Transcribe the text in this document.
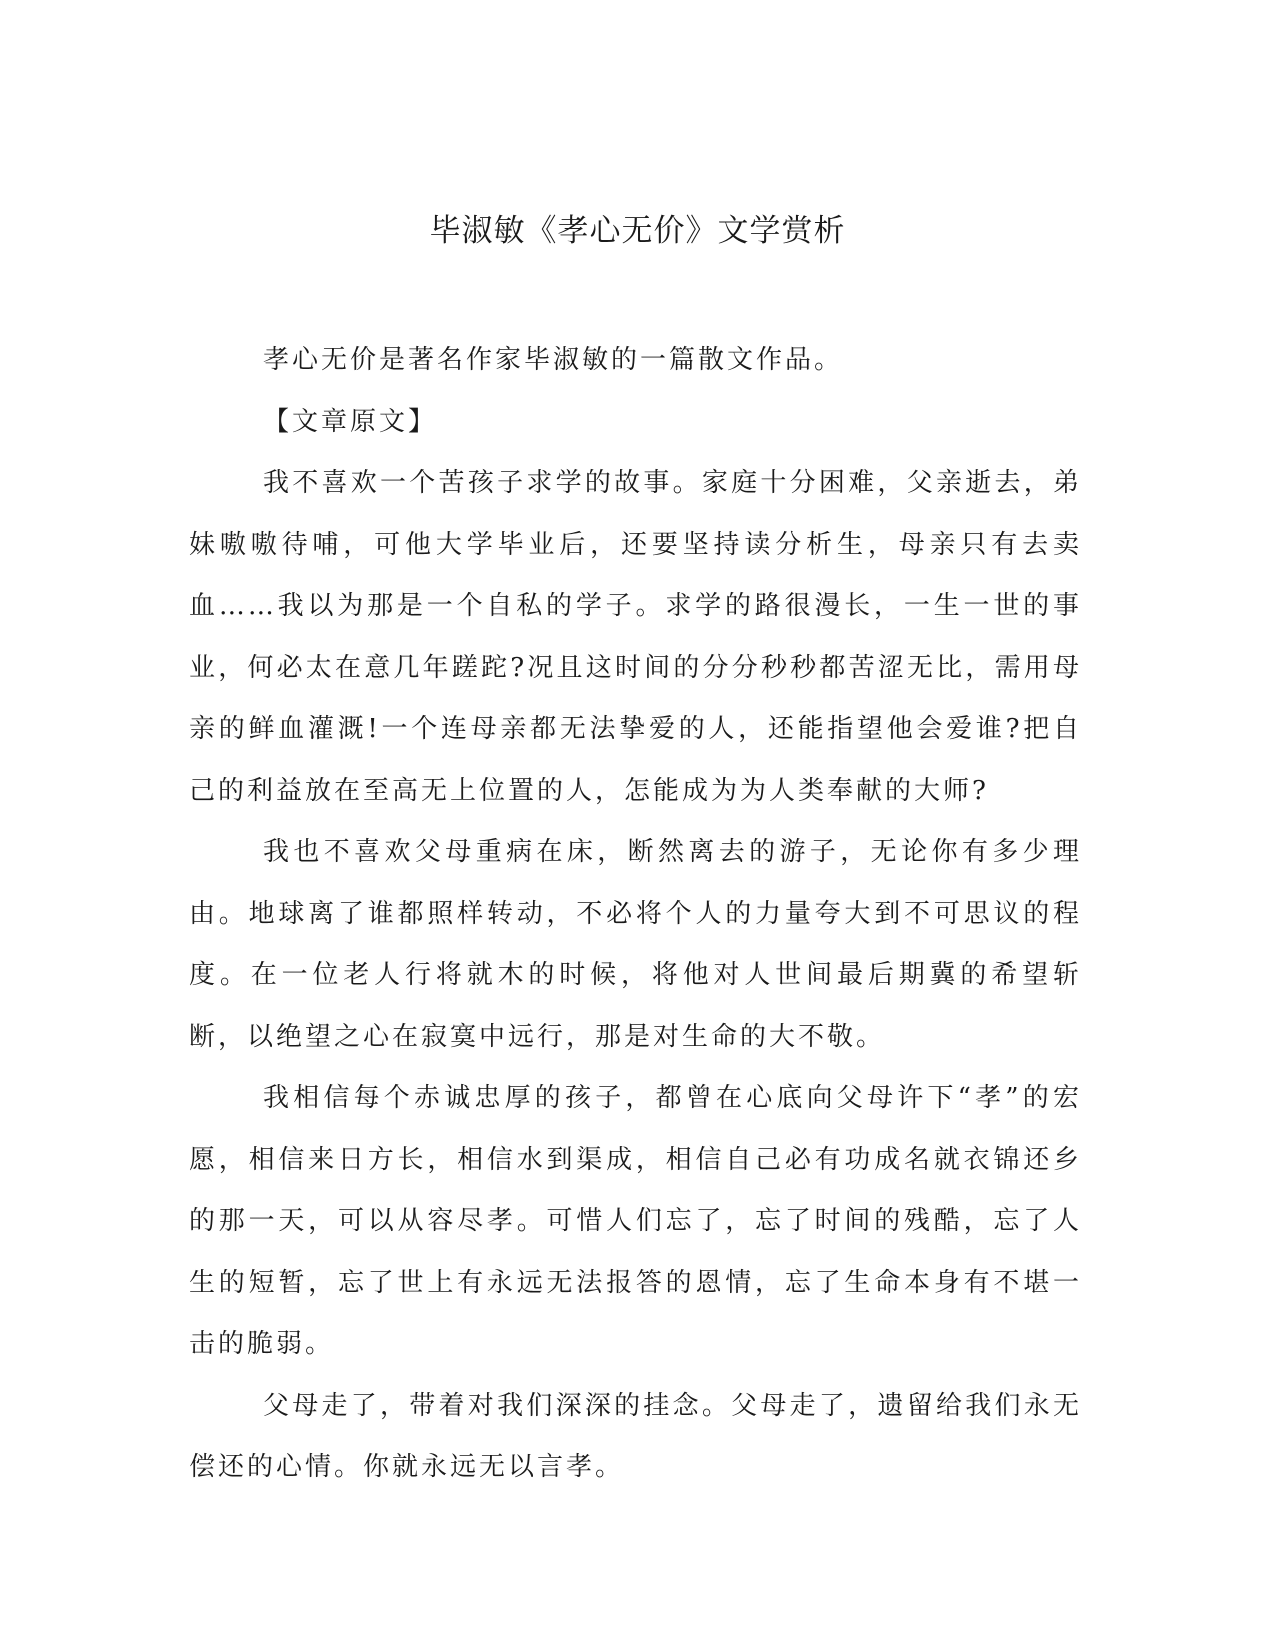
毕淑敏《孝心无价》文学赏析

孝心无价是著名作家毕淑敏的一篇散文作品。

【文章原文】

我不喜欢一个苦孩子求学的故事。家庭十分困难，父亲逝去，弟妹嗷嗷待哺，可他大学毕业后，还要坚持读分析生，母亲只有去卖血……我以为那是一个自私的学子。求学的路很漫长，一生一世的事业，何必太在意几年蹉跎?况且这时间的分分秒秒都苦涩无比，需用母亲的鲜血灌溉!一个连母亲都无法挚爱的人，还能指望他会爱谁?把自己的利益放在至高无上位置的人，怎能成为为人类奉献的大师?

我也不喜欢父母重病在床，断然离去的游子，无论你有多少理由。地球离了谁都照样转动，不必将个人的力量夸大到不可思议的程度。在一位老人行将就木的时候，将他对人世间最后期冀的希望斩断，以绝望之心在寂寞中远行，那是对生命的大不敬。

我相信每个赤诚忠厚的孩子，都曾在心底向父母许下“孝”的宏愿，相信来日方长，相信水到渠成，相信自己必有功成名就衣锦还乡的那一天，可以从容尽孝。可惜人们忘了，忘了时间的残酷，忘了人生的短暂，忘了世上有永远无法报答的恩情，忘了生命本身有不堪一击的脆弱。

父母走了，带着对我们深深的挂念。父母走了，遗留给我们永无偿还的心情。你就永远无以言孝。
